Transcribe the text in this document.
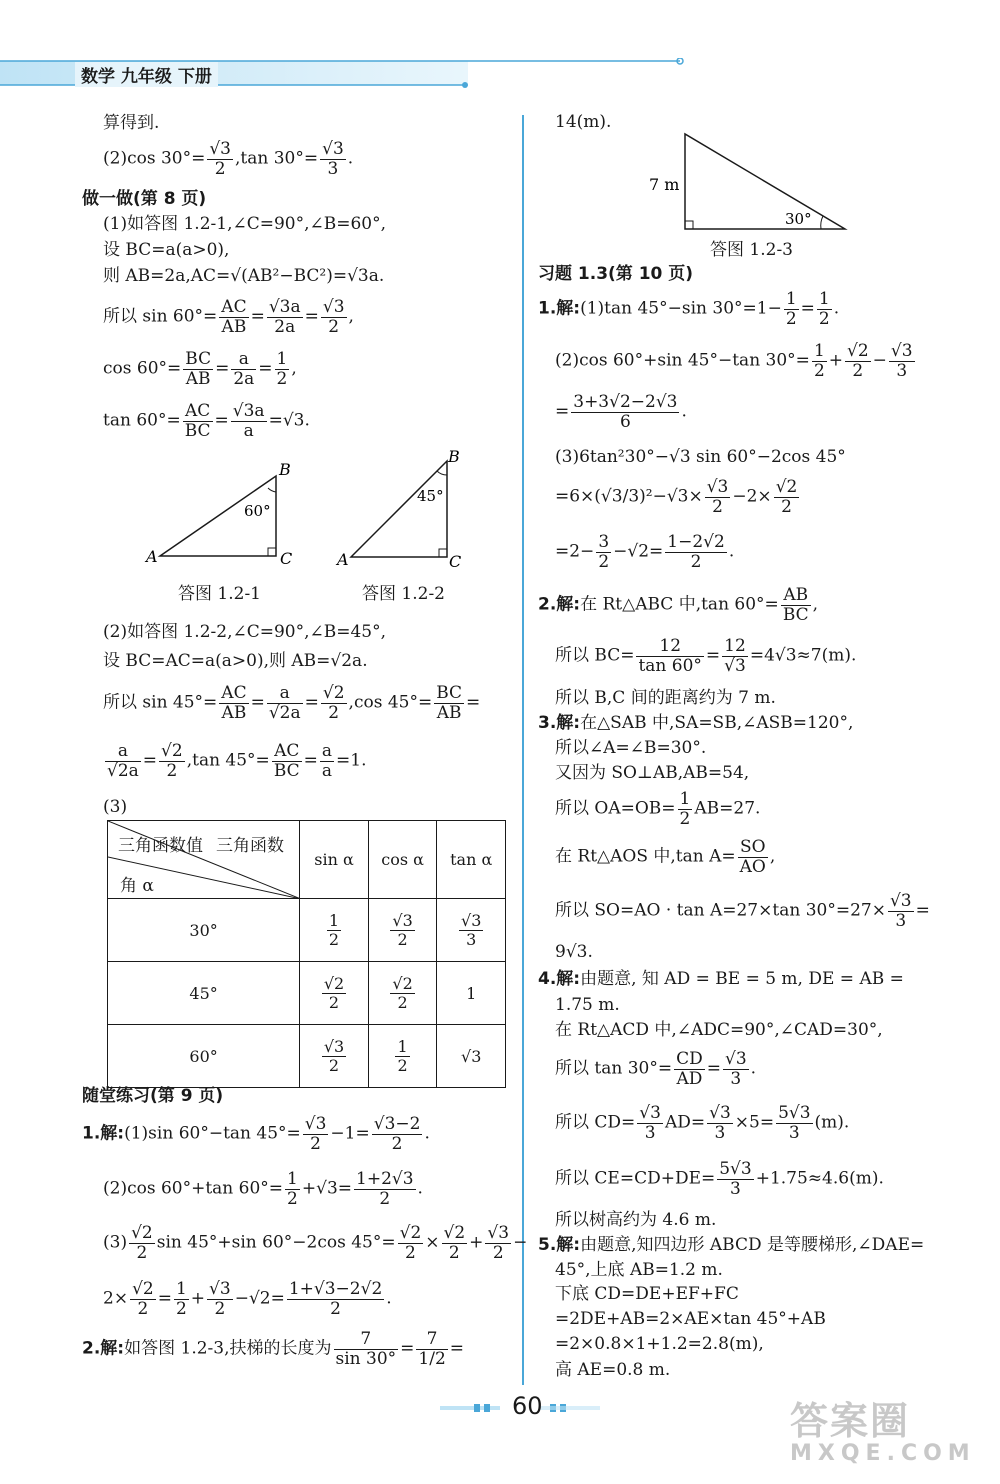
数学 九年级 下册
算得到.
(2)cos $30^\circ= \frac{√3}{2} ,\tan$ $30^\circ= \frac{√3}{3}$ .
做一做(第 8 页)
(1)如答图 1.2-1,∠C=90°,∠B=60°,
设 BC=a(a>0),
则 AB=2a,AC=√(AB²−BC²)=√3a.
所以 $\sin 60^\circ= \frac{AC}{AB} = \frac{√3a}{2a} = \frac{√3}{2}$ ,
$\cos 60^\circ= \frac{BC}{AB} = \frac{a}{2a} = \frac{1}{2}$ ,
$\tan 60^\circ= \frac{AC}{BC} = \frac{√3a}{a} =√3$.
A
B
C
60°
答图 1.2-1
A
B
C
45°
答图 1.2-2
(2)如答图 1.2-2,∠C=90°,∠B=45°,
设 BC=AC=a(a>0),则 AB=√2a.
所以 $\sin 45^\circ= \frac{AC}{AB} = \frac{a}{√2a} = \frac{√2}{2} ,\cos$ $45^\circ= \frac{BC}{AB}$ =
$\frac{a}{√2a} = \frac{√2}{2} ,\tan$ $45^\circ= \frac{AC}{BC} = \frac{a}{a} =1$.
(3)
三角函数
三角函数值
角 α	sin α	cos α	tan α
30°	$\frac{1}{2}$	$\frac{√3}{2}$	$\frac{√3}{3}$

45°	$\frac{√2}{2}$	$\frac{√2}{2}$	1
60°	$\frac{√3}{2}$	$\frac{1}{2}$	√3
随堂练习(第 9 页)
1.解:(1)sin 60°−tan $45^\circ= \frac{√3}{2} -1= \frac{√3-2}{2}$ .
(2)cos 60°+tan $60^\circ= \frac{1}{2} +√3= \frac{1+2√3}{2}$ .
$(3) \frac{√2}{2}$ sin 45°+sin 60°−2cos $45^\circ= \frac{√2}{2} \times \frac{√2}{2} + \frac{√3}{2}$ −
$2\times \frac{√2}{2} = \frac{1}{2} + \frac{√3}{2} -√2= \frac{1+√3-2√2}{2}$ .
2.解:如答图 1.2-3,扶梯的长度为 $\frac{7}{\sin 30^\circ} = \frac{7}{1/2}$ =
14(m).
7 m
30°
答图 1.2-3
习题 1.3(第 10 页)
1.解:(1)tan 45°−sin $30^\circ=1- \frac{1}{2} = \frac{1}{2}$ .
(2)cos 60°+sin 45°−tan $30^\circ= \frac{1}{2} + \frac{√2}{2} - \frac{√3}{3}$
= $\frac{3+3√2-2√3}{6}$ .
(3)6tan²30°−√3 sin 60°−2cos 45°
$=6\times(√3/3)^2-√3\times \frac{√3}{2} -2\times \frac{√2}{2}$
$=2- \frac{3}{2} -√2= \frac{1-2√2}{2}$ .
2.解:在 Rt△ABC 中,tan $60^\circ= \frac{AB}{BC}$ ,
所以 $BC= \frac{12}{\tan 60^\circ} = \frac{12}{√3} =4√3\approx 7(m)$.
所以 B,C 间的距离约为 7 m.
3.解:在△SAB 中,SA=SB,∠ASB=120°,
所以∠A=∠B=30°.
又因为 SO⊥AB,AB=54,
所以 $OA=OB= \frac{1}{2} AB=27$.
在 Rt△AOS 中,tan $A= \frac{SO}{AO}$ ,
所以 SO=AO · tan A=27×tan $30^\circ=27\times \frac{√3}{3}$ =
9√3.
4.解:由题意, 知 AD = BE = 5 m, DE = AB =
1.75 m.
在 Rt△ACD 中,∠ADC=90°,∠CAD=30°,
所以 $\tan 30^\circ= \frac{CD}{AD} = \frac{√3}{3}$ .
所以 $CD= \frac{√3}{3} AD= \frac{√3}{3} \times 5= \frac{5√3}{3} (m)$.
所以 $CE=CD+DE= \frac{5√3}{3} +1.75\approx 4.6(m)$.
所以树高约为 4.6 m.
5.解:由题意,知四边形 ABCD 是等腰梯形,∠DAE=
45°,上底 AB=1.2 m.
下底 CD=DE+EF+FC
=2DE+AB=2×AE×tan 45°+AB
=2×0.8×1+1.2=2.8(m),
高 AE=0.8 m.
60	答案圈
MXQE.COM
